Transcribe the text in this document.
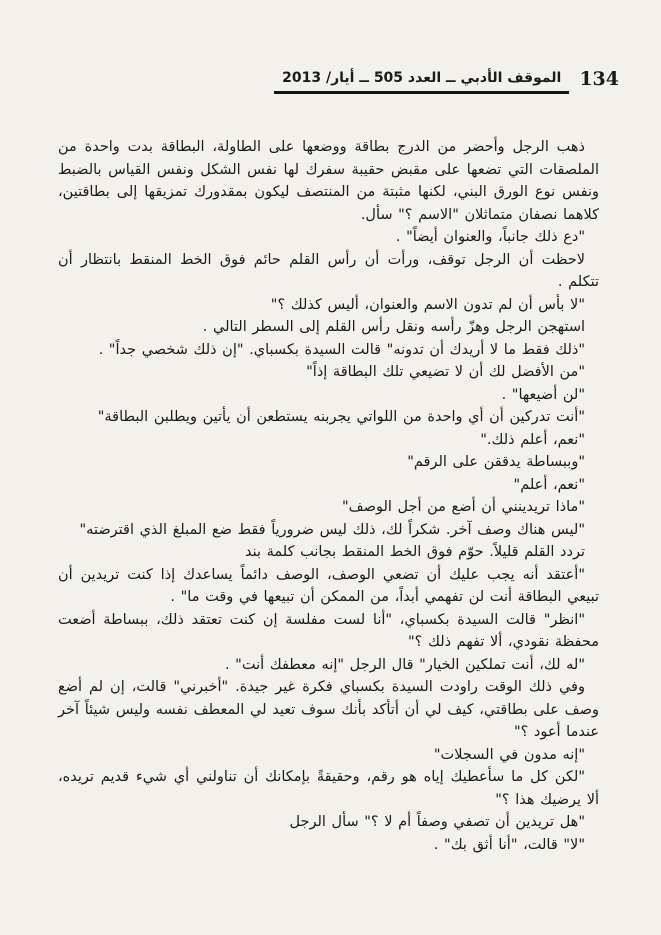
الموقف الأدبي ــ العدد 505 ــ أيار/ 2013 134

ذهب الرجل وأحضر من الدرج بطاقة ووضعها على الطاولة، البطاقة بدت واحدة من الملصقات التي تضعها على مقبض حقيبة سفرك لها نفس الشكل ونفس القياس بالضبط ونفس نوع الورق البني، لكنها مثبتة من المنتصف ليكون بمقدورك تمزيقها إلى بطاقتين، كلاهما نصفان متماثلان "الاسم ؟" سأل.

"دع ذلك جانباً، والعنوان أيضاً" .

لاحظت أن الرجل توقف، ورأت أن رأس القلم حائم فوق الخط المنقط بانتظار أن تتكلم .

"لا بأس أن لم تدون الاسم والعنوان، أليس كذلك ؟"

استهجن الرجل وهزّ رأسه ونقل رأس القلم إلى السطر التالي .

"ذلك فقط ما لا أريدك أن تدونه" قالت السيدة بكسباي. "إن ذلك شخصي جداً" .

"من الأفضل لك أن لا تضيعي تلك البطاقة إذاً"

"لن أضيعها" .

"أنت تدركين أن أي واحدة من اللواتي يجربنه يستطعن أن يأتين ويطلبن البطاقة"

"نعم، أعلم ذلك."

"وببساطة يدققن على الرقم"

"نعم، أعلم"

"ماذا تريدينني أن أضع من أجل الوصف"

"ليس هناك وصف آخر. شكراً لك، ذلك ليس ضرورياً فقط ضع المبلغ الذي اقترضته"

تردد القلم قليلاً. حوّم فوق الخط المنقط بجانب كلمة بند

"أعتقد أنه يجب عليك أن تضعي الوصف، الوصف دائماً يساعدك إذا كنت تريدين أن تبيعي البطاقة أنت لن تفهمي أبداً، من الممكن أن تبيعها في وقت ما" .

"انظر" قالت السيدة بكسباي، "أنا لست مفلسة إن كنت تعتقد ذلك، ببساطة أضعت محفظة نقودي، ألا تفهم ذلك ؟"

"له لك، أنت تملكين الخيار" قال الرجل "إنه معطفك أنت" .

وفي ذلك الوقت راودت السيدة بكسباي فكرة غير جيدة. "أخبرني" قالت، إن لم أضع وصف على بطاقتي، كيف لي أن أتأكد بأنك سوف تعيد لي المعطف نفسه وليس شيئاً آخر عندما أعود ؟"

"إنه مدون في السجلات"

"لكن كل ما سأعطيك إياه هو رقم، وحقيقةً بإمكانك أن تناولني أي شيء قديم تريده، ألا يرضيك هذا ؟"

"هل تريدين أن تصفي وصفاً أم لا ؟" سأل الرجل

"لا" قالت، "أنا أثق بك" .
